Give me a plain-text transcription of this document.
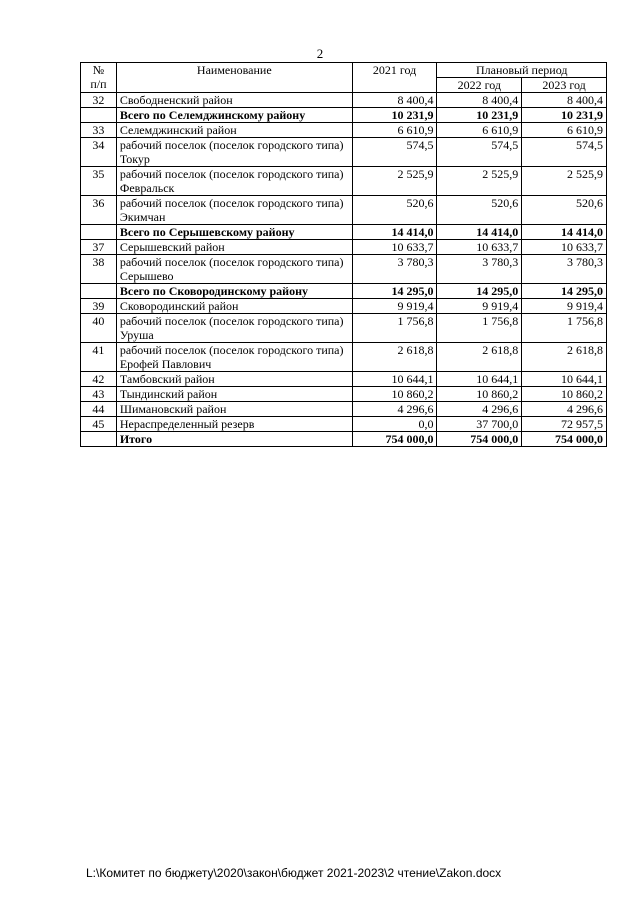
2
№
п/п	Наименование	2021 год	Плановый период	
			2022 год	2023 год
32	Свободненский район	8 400,4	8 400,4	8 400,4
	Всего по Селемджинскому району	10 231,9	10 231,9	10 231,9
33	Селемджинский район	6 610,9	6 610,9	6 610,9
34	рабочий поселок (поселок городского типа) Токур	574,5	574,5	574,5
35	рабочий поселок (поселок городского типа) Февральск	2 525,9	2 525,9	2 525,9
36	рабочий поселок (поселок городского типа) Экимчан	520,6	520,6	520,6
	Всего по Серышевскому району	14 414,0	14 414,0	14 414,0
37	Серышевский район	10 633,7	10 633,7	10 633,7
38	рабочий поселок (поселок городского типа) Серышево	3 780,3	3 780,3	3 780,3
	Всего по Сковородинскому району	14 295,0	14 295,0	14 295,0
39	Сковородинский район	9 919,4	9 919,4	9 919,4
40	рабочий поселок (поселок городского типа) Уруша	1 756,8	1 756,8	1 756,8
41	рабочий поселок (поселок городского типа) Ерофей Павлович	2 618,8	2 618,8	2 618,8
42	Тамбовский район	10 644,1	10 644,1	10 644,1
43	Тындинский район	10 860,2	10 860,2	10 860,2
44	Шимановский район	4 296,6	4 296,6	4 296,6
45	Нераспределенный резерв	0,0	37 700,0	72 957,5
	Итого	754 000,0	754 000,0	754 000,0
L:\Комитет по бюджету\2020\закон\бюджет 2021-2023\2 чтение\Zakon.docx
